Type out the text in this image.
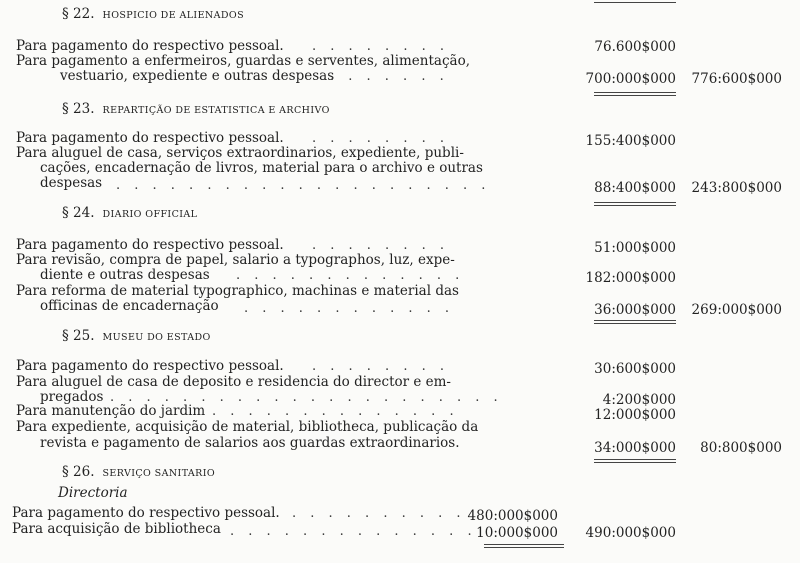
§ 22. HOSPICIO DE ALIENADOS
Para pagamento do respectivo pessoal. . . . . . . . .	76.600$000
Para pagamento a enfermeiros, guardas e serventes, alimentação,
vestuario, expediente e outras despesas
. . . . . . .	700:000$000 776:600$000
§ 23. REPARTIÇÃO DE ESTATISTICA E ARCHIVO
Para pagamento do respectivo pessoal. . . . . . . . .	155:400$000
Para aluguel de casa, serviços extraordinarios, expediente, publi-
cações, encadernação de livros, material para o archivo e outras
despesas . . . . . . . . . . . . . . . . . . . . .	88:400$000 243:800$000
§ 24. DIARIO OFFICIAL
Para pagamento do respectivo pessoal. . . . . . . . .	51:000$000
Para revisão, compra de papel, salario a typographos, luz, expe-
diente e outras despesas . . . . . . . . . . . . .	182:000$000
Para reforma de material typographico, machinas e material das
officinas de encadernação . . . . . . . . . . . .	36:000$000 269:000$000
§ 25. MUSEU DO ESTADO
Para pagamento do respectivo pessoal. . . . . . . . .	30:600$000
Para aluguel de casa de deposito e residencia do director e em-
pregados . . . . . . . . . . . . . . . . . . . . . .	4:200$000
Para manutenção do jardim . . . . . . . . . . . . . .	12:000$000
Para expediente, acquisição de material, bibliotheca, publicação da
revista e pagamento de salarios aos guardas extraordinarios.	34:000$000 80:800$000
§ 26. SERVIÇO SANITARIO
Directoria
Para pagamento do respectivo pessoal. . . . . . . . . . . 480:000$000
Para acquisição de bibliotheca . . . . . . . . . . . . . . 10:000$000 490:000$000
